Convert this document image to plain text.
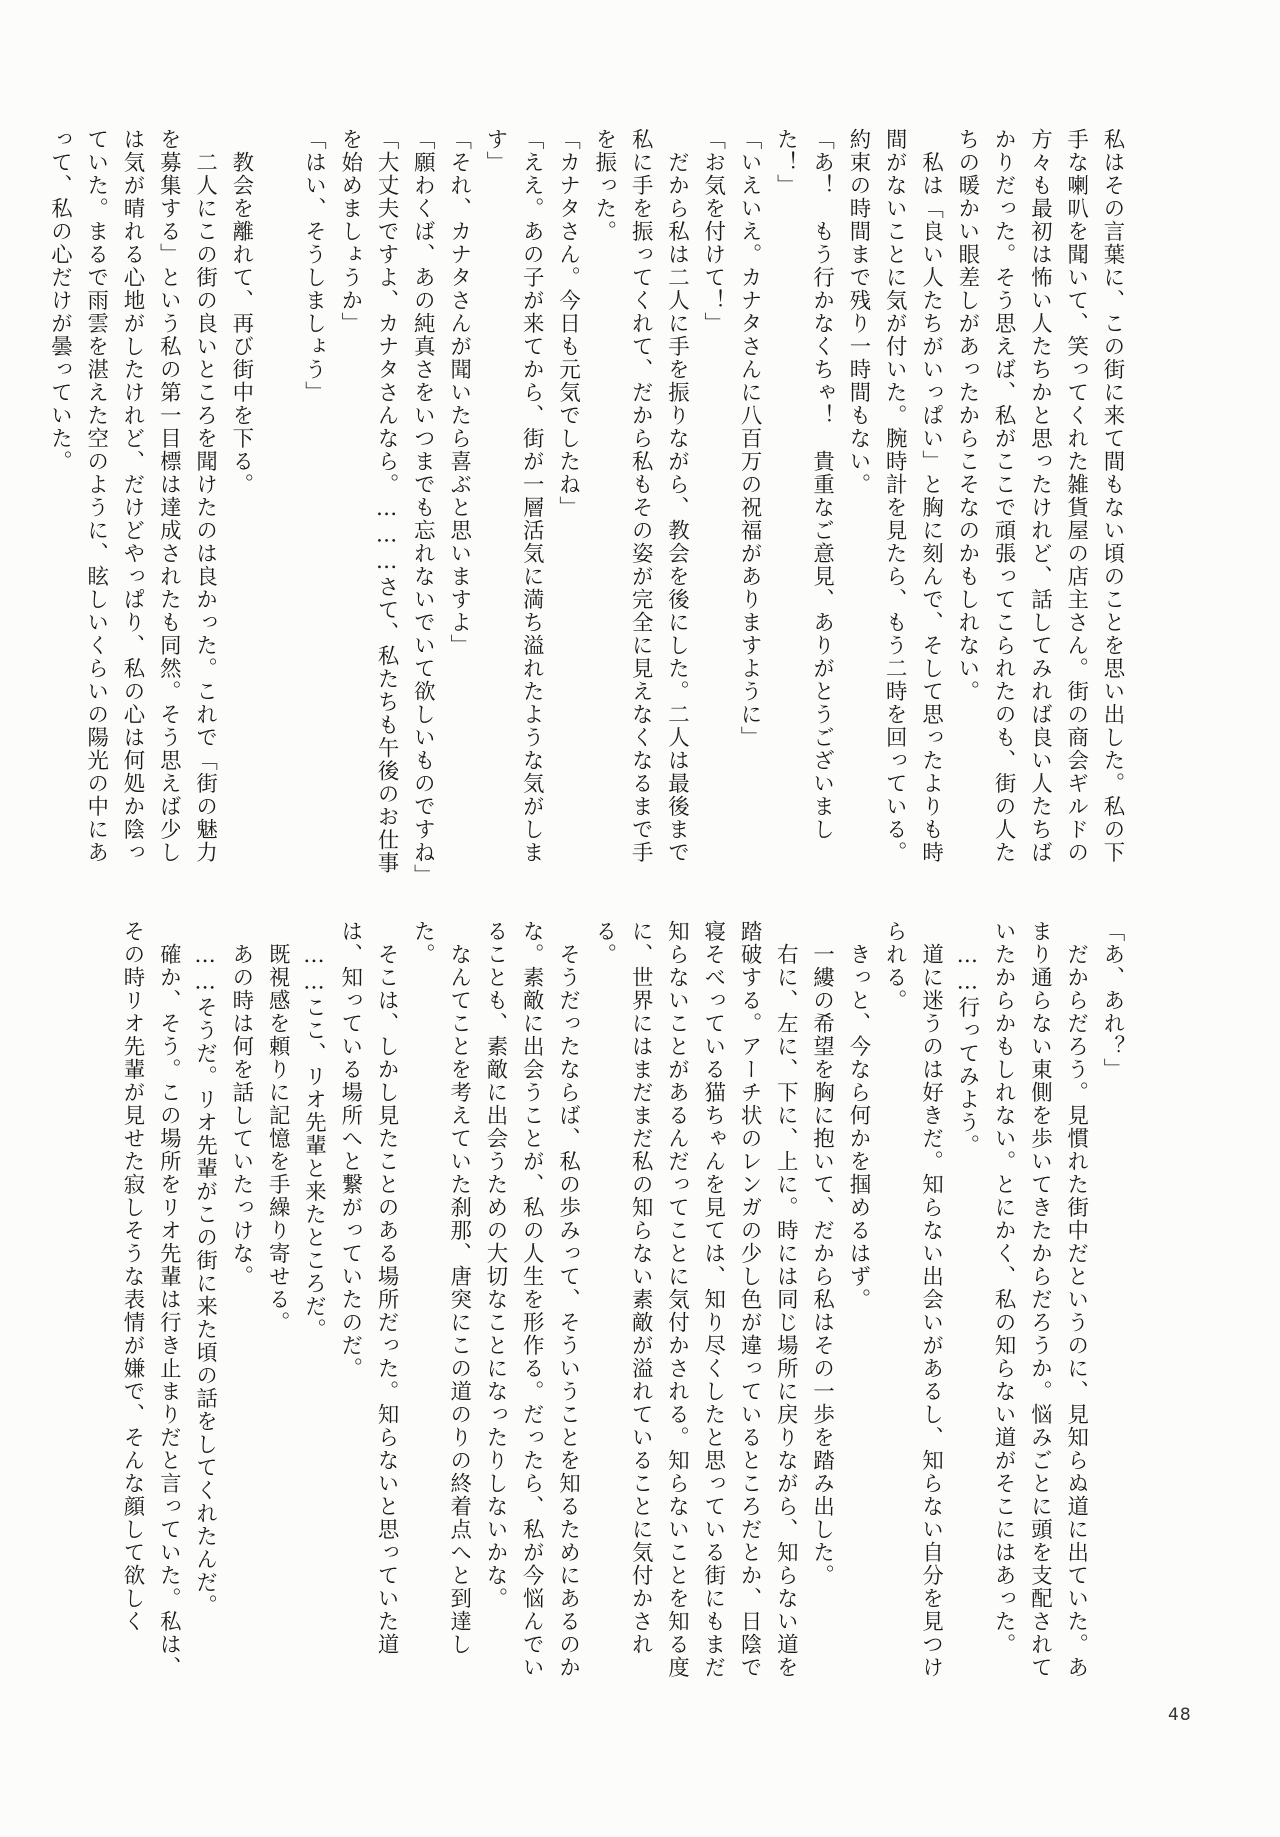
私はその言葉に、この街に来て間もない頃のことを思い出した。私の下手な喇叭を聞いて、笑ってくれた雑貨屋の店主さん。街の商会ギルドの方々も最初は怖い人たちかと思ったけれど、話してみれば良い人たちばかりだった。そう思えば、私がここで頑張ってこられたのも、街の人たちの暖かい眼差しがあったからこそなのかもしれない。

　私は「良い人たちがいっぱい」と胸に刻んで、そして思ったよりも時間がないことに気が付いた。腕時計を見たら、もう二時を回っている。約束の時間まで残り一時間もない。

「あ！　もう行かなくちゃ！　貴重なご意見、ありがとうございました！」

「いえいえ。カナタさんに八百万の祝福がありますように」

「お気を付けて！」

　だから私は二人に手を振りながら、教会を後にした。二人は最後まで私に手を振ってくれて、だから私もその姿が完全に見えなくなるまで手を振った。

「カナタさん。今日も元気でしたね」

「ええ。あの子が来てから、街が一層活気に満ち溢れたような気がします」

「それ、カナタさんが聞いたら喜ぶと思いますよ」

「願わくば、あの純真さをいつまでも忘れないでいて欲しいものですね」

「大丈夫ですよ、カナタさんなら。………さて、私たちも午後のお仕事を始めましょうか」

「はい、そうしましょう」

　教会を離れて、再び街中を下る。

　二人にこの街の良いところを聞けたのは良かった。これで「街の魅力を募集する」という私の第一目標は達成されたも同然。そう思えば少しは気が晴れる心地がしたけれど、だけどやっぱり、私の心は何処か陰っていた。まるで雨雲を湛えた空のように、眩しいくらいの陽光の中にあって、私の心だけが曇っていた。

「あ、あれ？」

　だからだろう。見慣れた街中だというのに、見知らぬ道に出ていた。あまり通らない東側を歩いてきたからだろうか。悩みごとに頭を支配されていたからかもしれない。とにかく、私の知らない道がそこにはあった。

　……行ってみよう。

　道に迷うのは好きだ。知らない出会いがあるし、知らない自分を見つけられる。

　きっと、今なら何かを掴めるはず。

　一縷の希望を胸に抱いて、だから私はその一歩を踏み出した。

　右に、左に、下に、上に。時には同じ場所に戻りながら、知らない道を踏破する。アーチ状のレンガの少し色が違っているところだとか、日陰で寝そべっている猫ちゃんを見ては、知り尽くしたと思っている街にもまだ知らないことがあるんだってことに気付かされる。知らないことを知る度に、世界にはまだまだ私の知らない素敵が溢れていることに気付かされる。

　そうだったならば、私の歩みって、そういうことを知るためにあるのかな。素敵に出会うことが、私の人生を形作る。だったら、私が今悩んでいることも、素敵に出会うための大切なことになったりしないかな。

　なんてことを考えていた刹那、唐突にこの道のりの終着点へと到達した。

　そこは、しかし見たことのある場所だった。知らないと思っていた道は、知っている場所へと繋がっていたのだ。

　……ここ、リオ先輩と来たところだ。

　既視感を頼りに記憶を手繰り寄せる。

　あの時は何を話していたっけな。

　……そうだ。リオ先輩がこの街に来た頃の話をしてくれたんだ。

　確か、そう。この場所をリオ先輩は行き止まりだと言っていた。私は、その時リオ先輩が見せた寂しそうな表情が嫌で、そんな顔して欲しく

48
